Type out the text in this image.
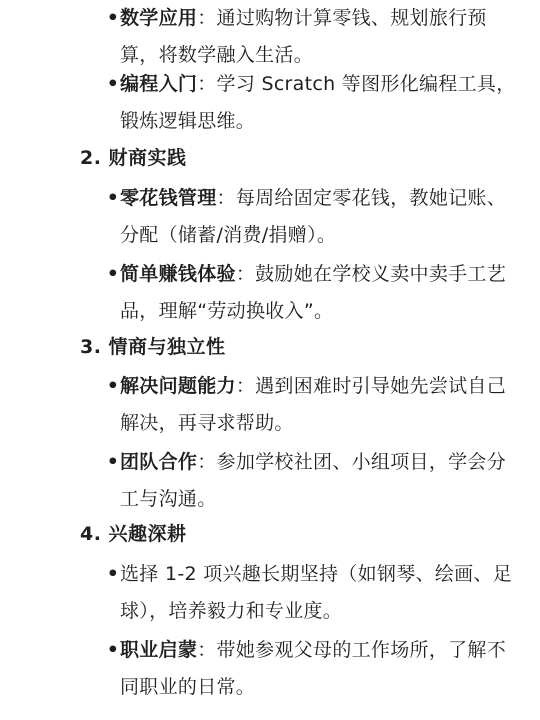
• 数学应用：通过购物计算零钱、规划旅行预算，将数学融入生活。
• 编程入门：学习 Scratch 等图形化编程工具，锻炼逻辑思维。
2. 财商实践
• 零花钱管理：每周给固定零花钱，教她记账、分配（储蓄/消费/捐赠）。
• 简单赚钱体验：鼓励她在学校义卖中卖手工艺品，理解“劳动换收入”。
3. 情商与独立性
• 解决问题能力：遇到困难时引导她先尝试自己解决，再寻求帮助。
• 团队合作：参加学校社团、小组项目，学会分工与沟通。
4. 兴趣深耕
• 选择 1-2 项兴趣长期坚持（如钢琴、绘画、足球），培养毅力和专业度。
• 职业启蒙：带她参观父母的工作场所，了解不同职业的日常。
